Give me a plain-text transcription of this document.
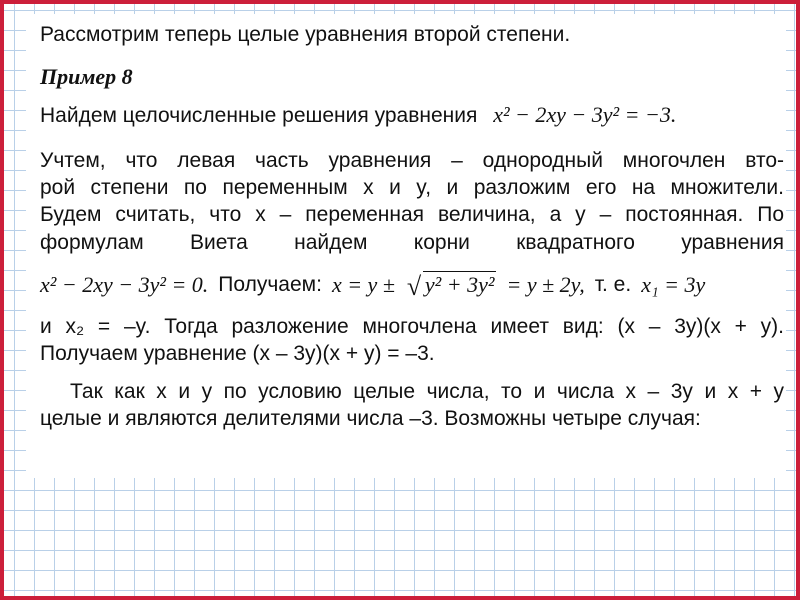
Рассмотрим теперь целые уравнения второй степени.
Пример 8
Найдем целочисленные решения уравнения x² − 2xy − 3y² = −3.
Учтем, что левая часть уравнения – однородный многочлен вто-
рой степени по переменным x и y, и разложим его на множители.
Будем считать, что x – переменная величина, а y – постоянная. По
формулам Виета найдем корни квадратного уравнения
x² − 2xy − 3y² = 0. Получаем: x = y ± √ y² + 3y² = y ± 2y, т. е. x₁ = 3y
и x₂ = –y. Тогда разложение многочлена имеет вид: (x – 3y)(x + y).
Получаем уравнение (x – 3y)(x + y) = –3.
Так как x и y по условию целые числа, то и числа x – 3y и x + y
целые и являются делителями числа –3. Возможны четыре случая:
